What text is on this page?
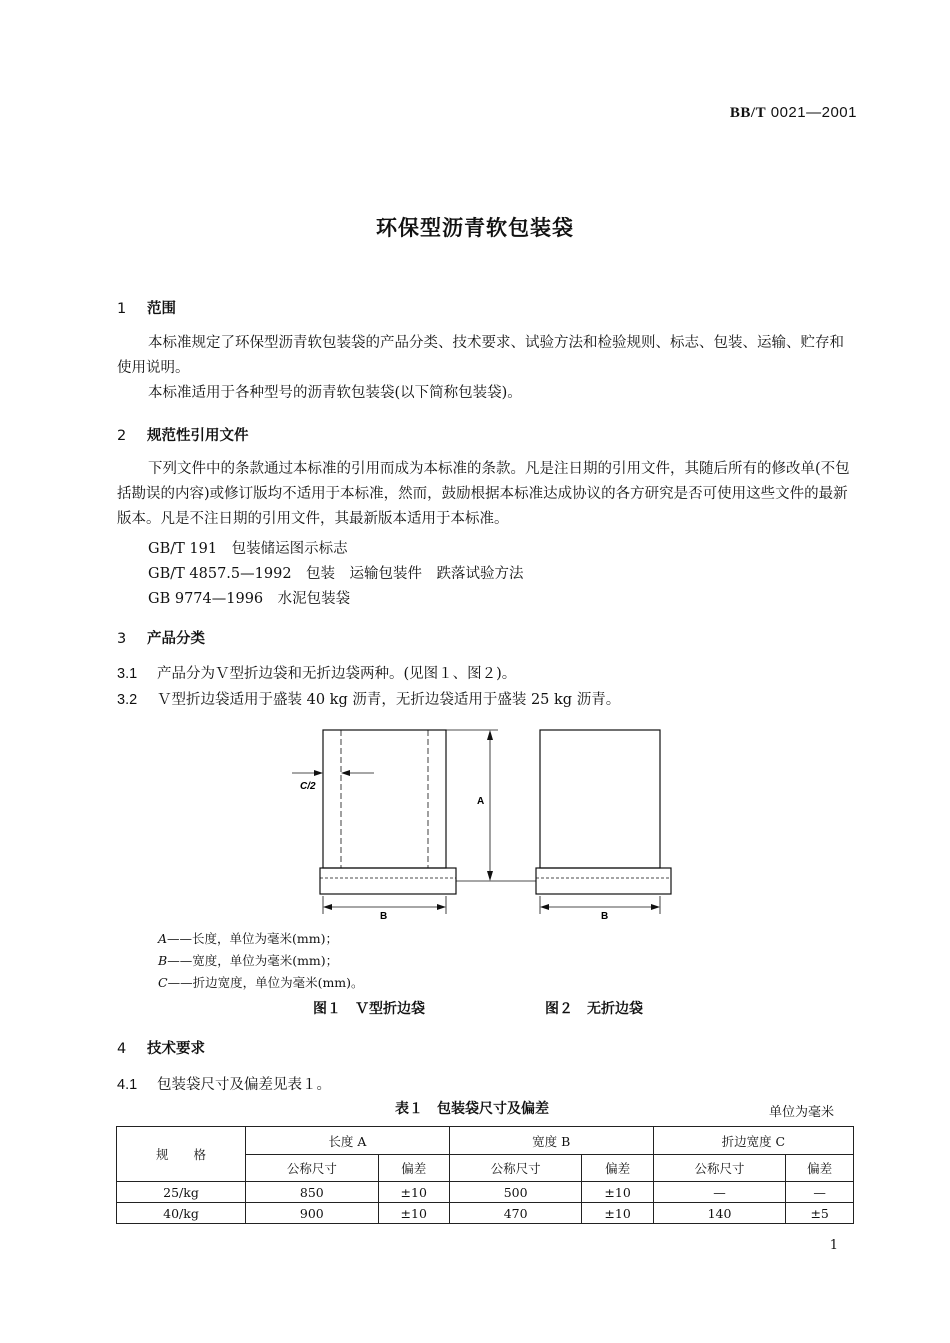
BB/T 0021—2001
环保型沥青软包装袋
1 范围
本标准规定了环保型沥青软包装袋的产品分类、技术要求、试验方法和检验规则、标志、包装、运输、贮存和使用说明。
本标准适用于各种型号的沥青软包装袋(以下简称包装袋)。
2 规范性引用文件
下列文件中的条款通过本标准的引用而成为本标准的条款。凡是注日期的引用文件，其随后所有的修改单(不包括勘误的内容)或修订版均不适用于本标准，然而，鼓励根据本标准达成协议的各方研究是否可使用这些文件的最新版本。凡是不注日期的引用文件，其最新版本适用于本标准。
GB/T 191　包装储运图示标志
GB/T 4857.5—1992　包装　运输包装件　跌落试验方法
GB 9774—1996　水泥包装袋
3 产品分类
3.1 产品分为Ｖ型折边袋和无折边袋两种。(见图１、图２)。
3.2 Ｖ型折边袋适用于盛装 40 kg 沥青，无折边袋适用于盛装 25 kg 沥青。
C/2
A
B	B
A——长度，单位为毫米(mm)；
B——宽度，单位为毫米(mm)；
C——折边宽度，单位为毫米(mm)。
图１　Ｖ型折边袋	图２　无折边袋
4 技术要求
4.1 包装袋尺寸及偏差见表１。
表１　包装袋尺寸及偏差	单位为毫米
规　　格	长度 A		宽度 B		折边宽度 C	
	公称尺寸	偏差	公称尺寸	偏差	公称尺寸	偏差
25/kg	850	±10	500	±10	—	—
40/kg	900	±10	470	±10	140	±5
1
